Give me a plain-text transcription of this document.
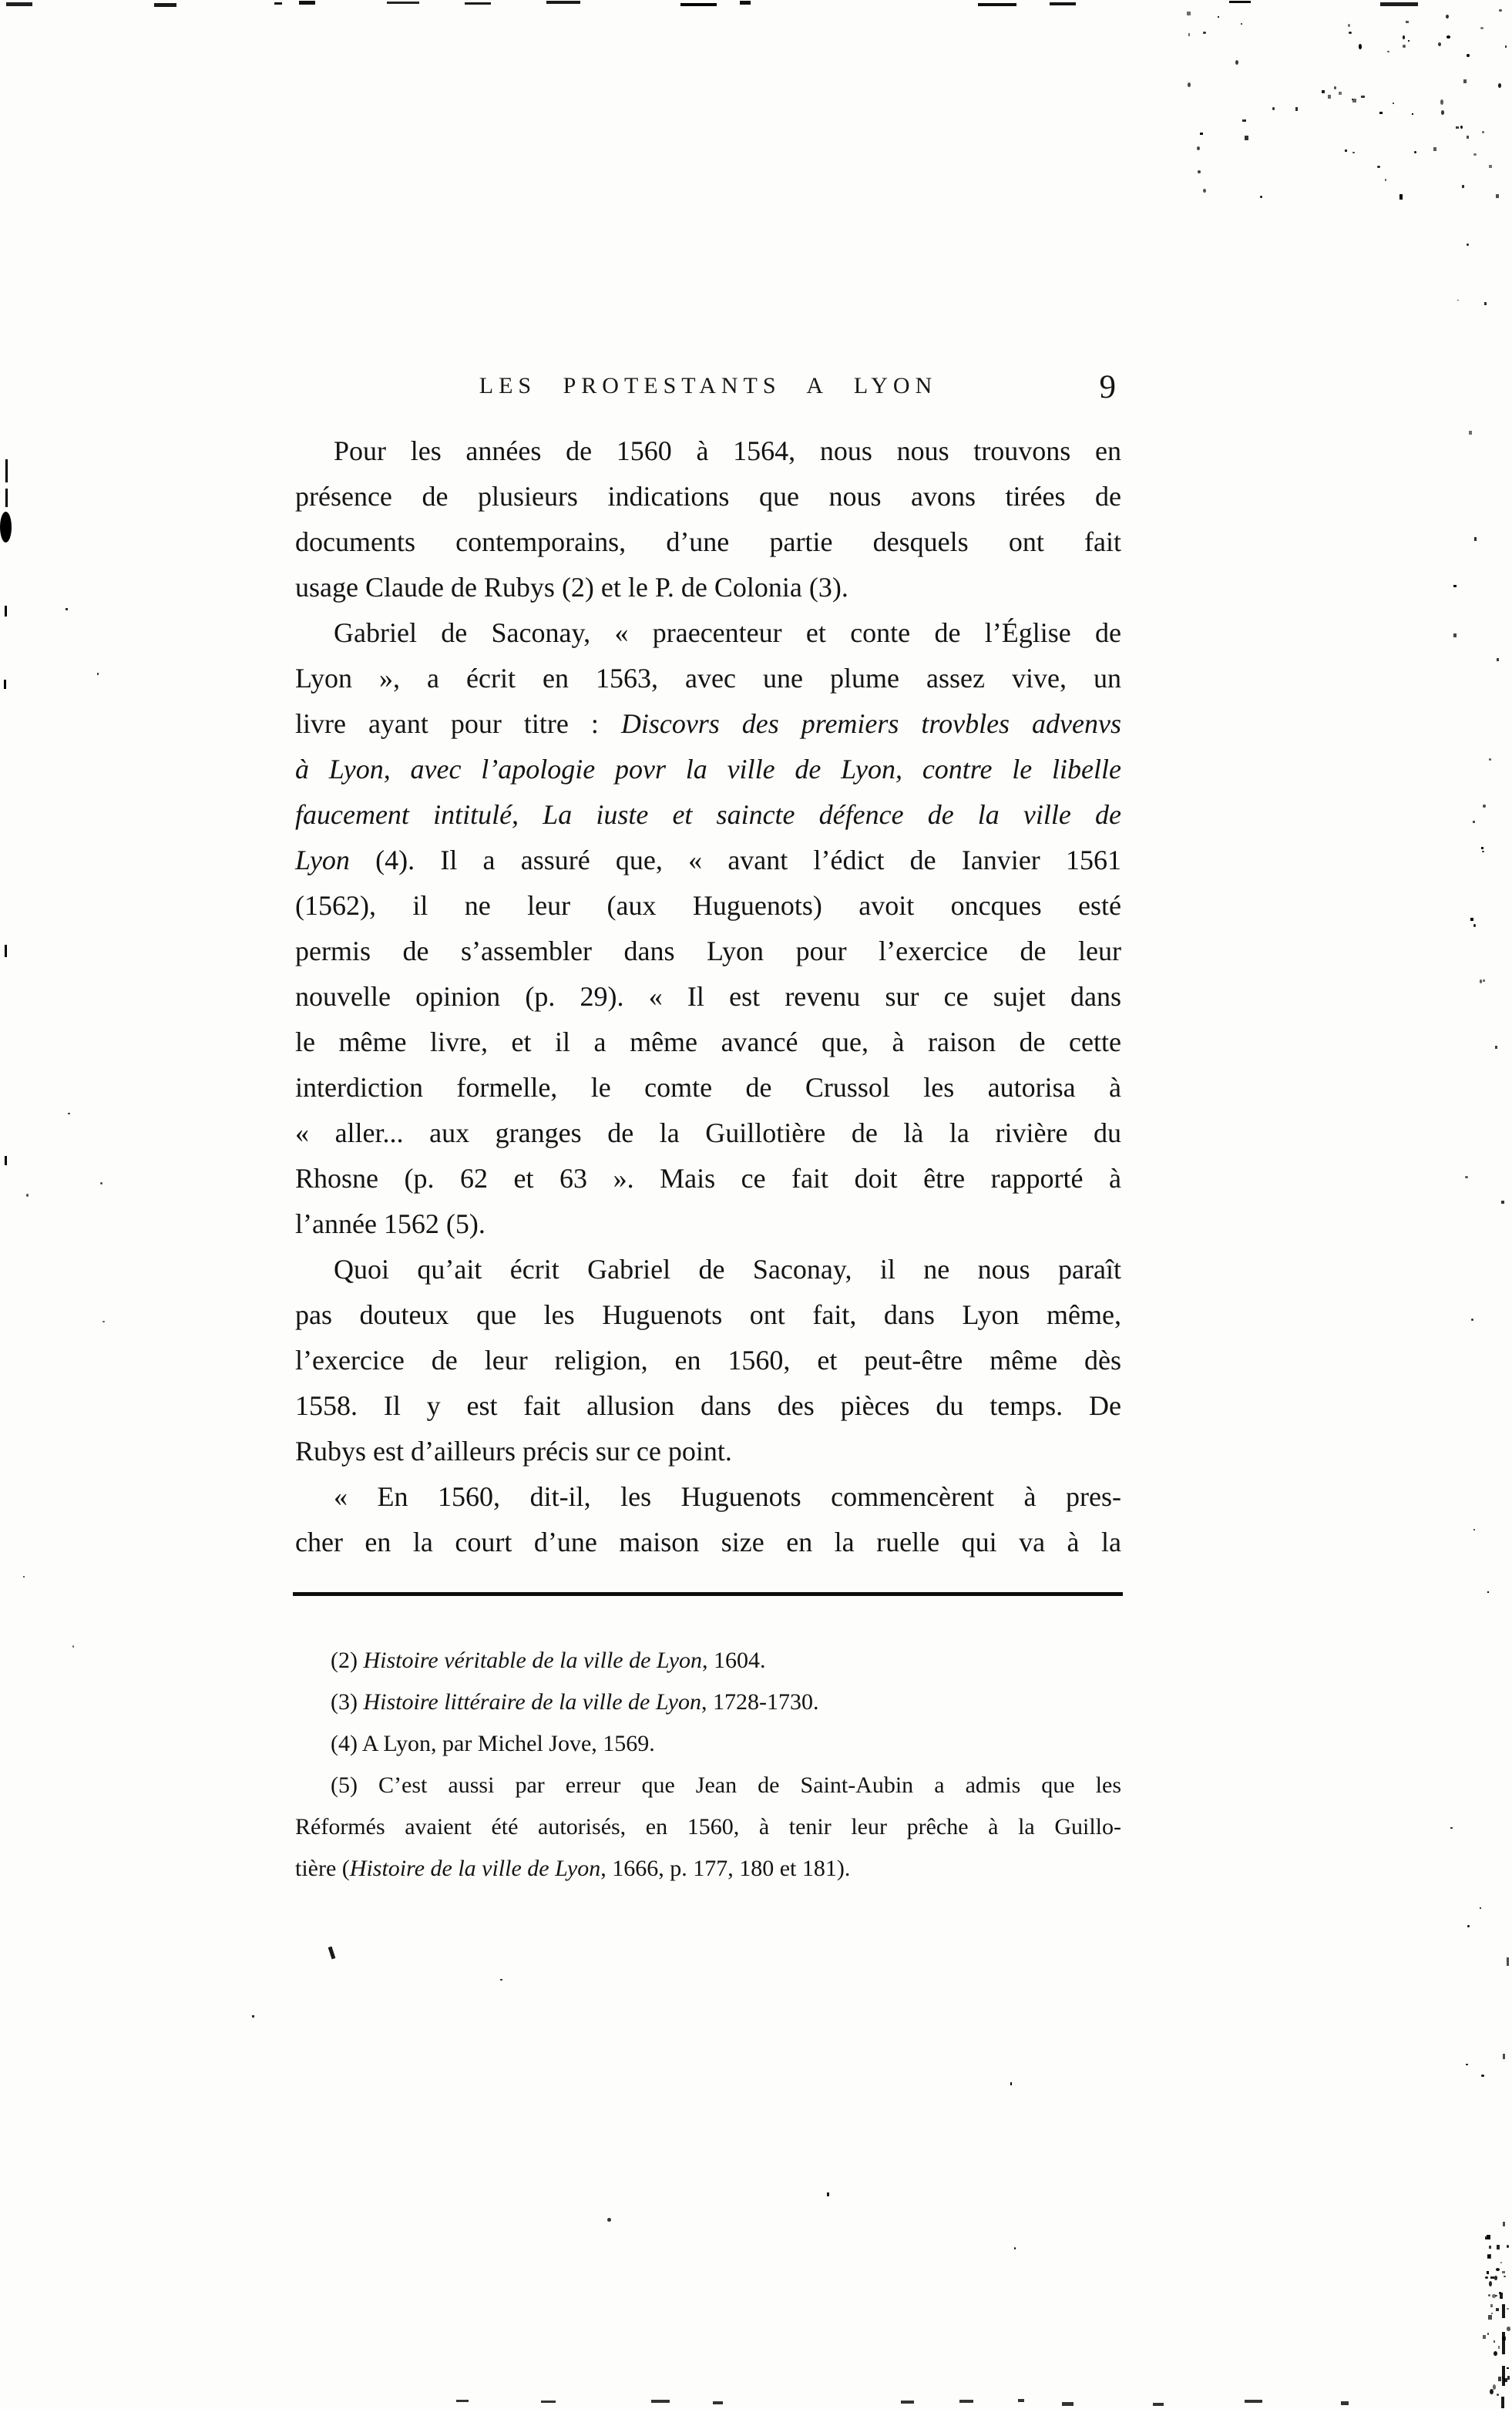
LES PROTESTANTS A LYON	9
Pour les années de 1560 à 1564, nous nous trouvons en
présence de plusieurs indications que nous avons tirées de
documents contemporains, d’une partie desquels ont fait
usage Claude de Rubys (2) et le P. de Colonia (3).
Gabriel de Saconay, « praecenteur et conte de l’Église de
Lyon », a écrit en 1563, avec une plume assez vive, un
livre ayant pour titre : Discovrs des premiers trovbles advenvs
à Lyon, avec l’apologie povr la ville de Lyon, contre le libelle
faucement intitulé, La iuste et saincte défence de la ville de
Lyon (4). Il a assuré que, « avant l’édict de Ianvier 1561
(1562), il ne leur (aux Huguenots) avoit oncques esté
permis de s’assembler dans Lyon pour l’exercice de leur
nouvelle opinion (p. 29). « Il est revenu sur ce sujet dans
le même livre, et il a même avancé que, à raison de cette
interdiction formelle, le comte de Crussol les autorisa à
« aller... aux granges de la Guillotière de là la rivière du
Rhosne (p. 62 et 63 ». Mais ce fait doit être rapporté à
l’année 1562 (5).
Quoi qu’ait écrit Gabriel de Saconay, il ne nous paraît
pas douteux que les Huguenots ont fait, dans Lyon même,
l’exercice de leur religion, en 1560, et peut-être même dès
1558. Il y est fait allusion dans des pièces du temps. De
Rubys est d’ailleurs précis sur ce point.
« En 1560, dit-il, les Huguenots commencèrent à pres-
cher en la court d’une maison size en la ruelle qui va à la
(2) Histoire véritable de la ville de Lyon, 1604.
(3) Histoire littéraire de la ville de Lyon, 1728-1730.
(4) A Lyon, par Michel Jove, 1569.
(5) C’est aussi par erreur que Jean de Saint-Aubin a admis que les
Réformés avaient été autorisés, en 1560, à tenir leur prêche à la Guillo-
tière (Histoire de la ville de Lyon, 1666, p. 177, 180 et 181).
